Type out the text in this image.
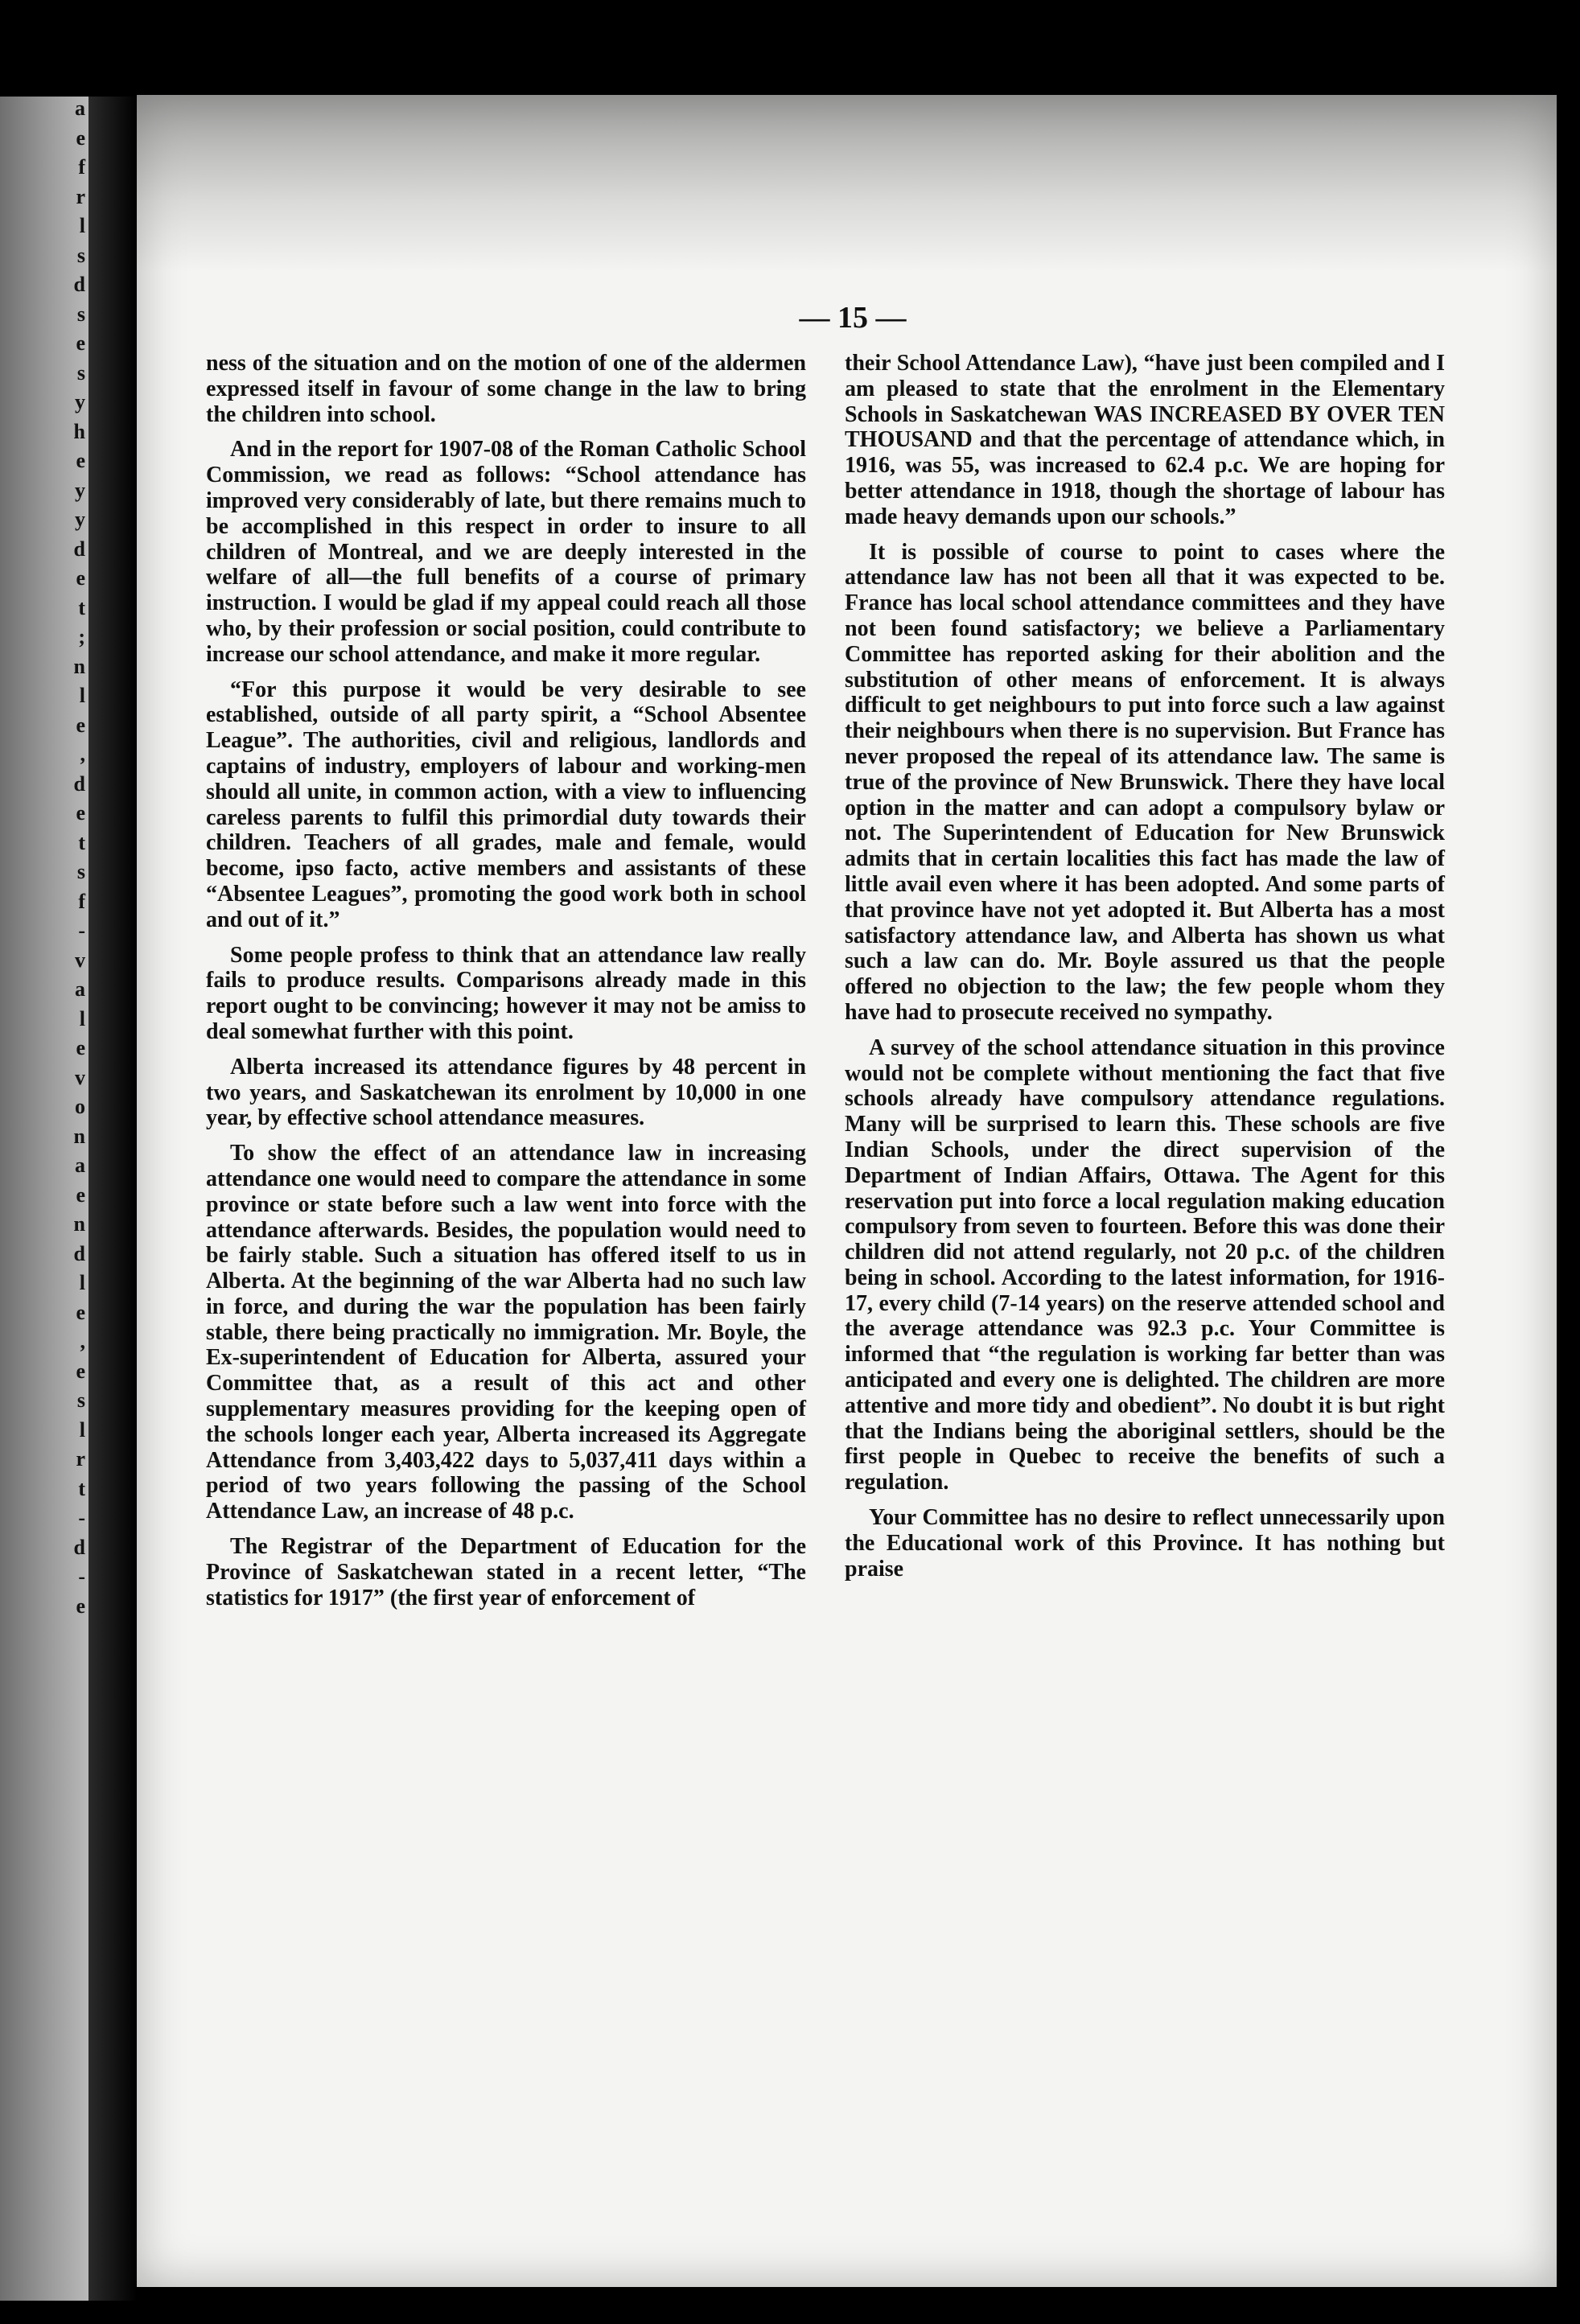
a
e
f
r
l
s
d
s
e
s
y
h
e
y
y
d
e
t
;
n
l
e
,
d
e
t
s
f
-
v
a
l
e
v
o
n
a
e
n
d
l
e
,
e
s
l
r
t
-
d
-
e
— 15 —

ness of the situation and on the motion of one of the aldermen expressed itself in favour of some change in the law to bring the children into school.

And in the report for 1907-08 of the Roman Catholic School Commission, we read as follows: “School attendance has improved very considerably of late, but there remains much to be accomplished in this respect in order to insure to all children of Montreal, and we are deeply interested in the welfare of all—the full benefits of a course of primary instruction. I would be glad if my appeal could reach all those who, by their profession or social position, could contribute to increase our school attendance, and make it more regular.

“For this purpose it would be very desirable to see established, outside of all party spirit, a “School Absentee League”. The authorities, civil and religious, landlords and captains of industry, employers of labour and working-men should all unite, in common action, with a view to influencing careless parents to fulfil this primordial duty towards their children. Teachers of all grades, male and female, would become, ipso facto, active members and assistants of these “Absentee Leagues”, promoting the good work both in school and out of it.”

Some people profess to think that an attendance law really fails to produce results. Comparisons already made in this report ought to be convincing; however it may not be amiss to deal somewhat further with this point.

Alberta increased its attendance figures by 48 percent in two years, and Saskatchewan its enrolment by 10,000 in one year, by effective school attendance measures.

To show the effect of an attendance law in increasing attendance one would need to compare the attendance in some province or state before such a law went into force with the attendance afterwards. Besides, the population would need to be fairly stable. Such a situation has offered itself to us in Alberta. At the beginning of the war Alberta had no such law in force, and during the war the population has been fairly stable, there being practically no immigration. Mr. Boyle, the Ex-superintendent of Education for Alberta, assured your Committee that, as a result of this act and other supplementary measures providing for the keeping open of the schools longer each year, Alberta increased its Aggregate Attendance from 3,403,422 days to 5,037,411 days within a period of two years following the passing of the School Attendance Law, an increase of 48 p.c.

The Registrar of the Department of Education for the Province of Saskatchewan stated in a recent letter, “The statistics for 1917” (the first year of enforcement of

their School Attendance Law), “have just been compiled and I am pleased to state that the enrolment in the Elementary Schools in Saskatchewan WAS INCREASED BY OVER TEN THOUSAND and that the percentage of attendance which, in 1916, was 55, was increased to 62.4 p.c. We are hoping for better attendance in 1918, though the shortage of labour has made heavy demands upon our schools.”

It is possible of course to point to cases where the attendance law has not been all that it was expected to be. France has local school attendance committees and they have not been found satisfactory; we believe a Parliamentary Committee has reported asking for their abolition and the substitution of other means of enforcement. It is always difficult to get neighbours to put into force such a law against their neighbours when there is no supervision. But France has never proposed the repeal of its attendance law. The same is true of the province of New Brunswick. There they have local option in the matter and can adopt a compulsory bylaw or not. The Superintendent of Education for New Brunswick admits that in certain localities this fact has made the law of little avail even where it has been adopted. And some parts of that province have not yet adopted it. But Alberta has a most satisfactory attendance law, and Alberta has shown us what such a law can do. Mr. Boyle assured us that the people offered no objection to the law; the few people whom they have had to prosecute received no sympathy.

A survey of the school attendance situation in this province would not be complete without mentioning the fact that five schools already have compulsory attendance regulations. Many will be surprised to learn this. These schools are five Indian Schools, under the direct supervision of the Department of Indian Affairs, Ottawa. The Agent for this reservation put into force a local regulation making education compulsory from seven to fourteen. Before this was done their children did not attend regularly, not 20 p.c. of the children being in school. According to the latest information, for 1916-17, every child (7-14 years) on the reserve attended school and the average attendance was 92.3 p.c. Your Committee is informed that “the regulation is working far better than was anticipated and every one is delighted. The children are more attentive and more tidy and obedient”. No doubt it is but right that the Indians being the aboriginal settlers, should be the first people in Quebec to receive the benefits of such a regulation.

Your Committee has no desire to reflect unnecessarily upon the Educational work of this Province. It has nothing but praise
